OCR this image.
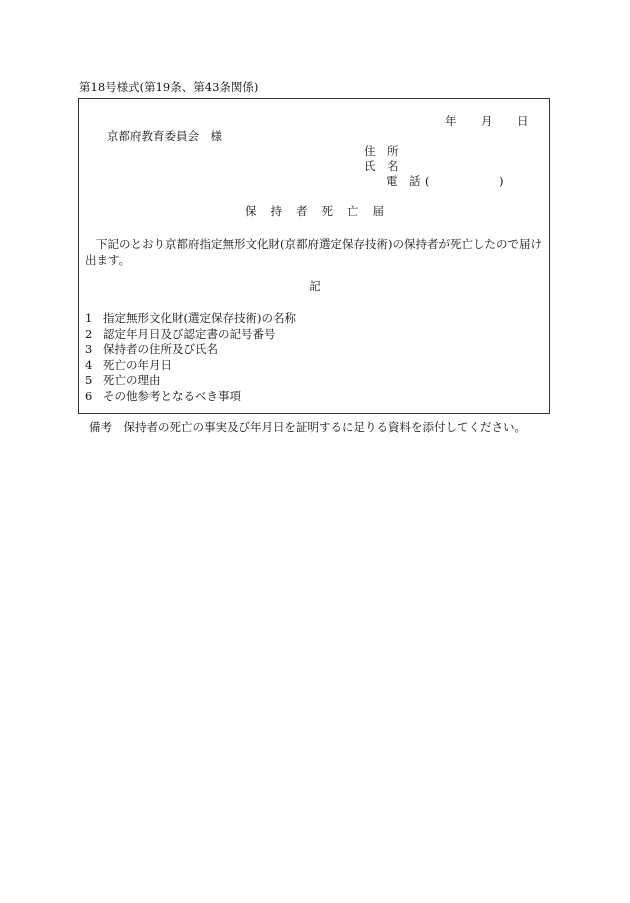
第18号様式(第19条、第43条関係)
年 月 日
京都府教育委員会　様
住　所
氏　名
電　話 (	)
保 持 者 死 亡 届
下記のとおり京都府指定無形文化財(京都府選定保存技術)の保持者が死亡したので届け出ます。
記
1 指定無形文化財(選定保存技術)の名称
2 認定年月日及び認定書の記号番号
3 保持者の住所及び氏名
4 死亡の年月日
5 死亡の理由
6 その他参考となるべき事項
備考　保持者の死亡の事実及び年月日を証明するに足りる資料を添付してください。
